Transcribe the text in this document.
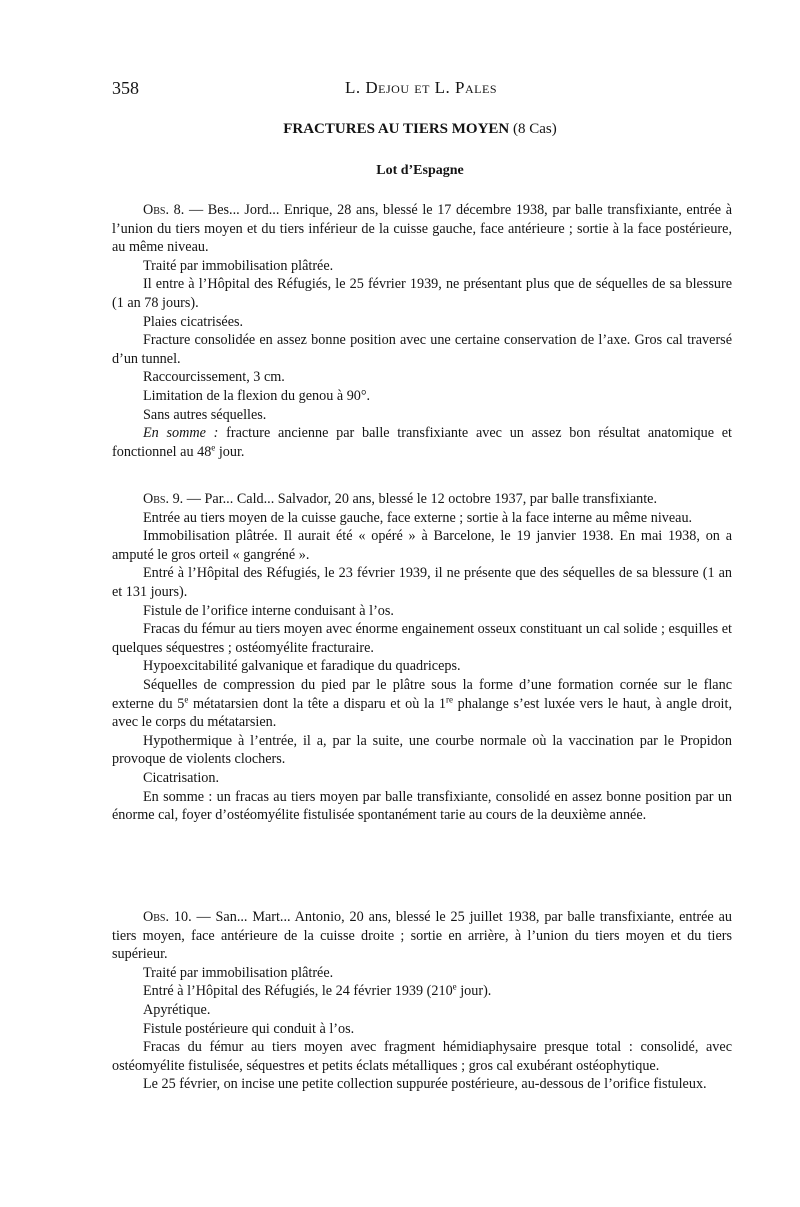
358	L. Dejou et L. Pales
FRACTURES AU TIERS MOYEN (8 Cas)
Lot d’Espagne

Obs. 8. — Bes... Jord... Enrique, 28 ans, blessé le 17 décembre 1938, par balle transfixiante, entrée à l’union du tiers moyen et du tiers inférieur de la cuisse gauche, face antérieure ; sortie à la face postérieure, au même niveau.

Traité par immobilisation plâtrée.

Il entre à l’Hôpital des Réfugiés, le 25 février 1939, ne présentant plus que de séquelles de sa blessure (1 an 78 jours).

Plaies cicatrisées.

Fracture consolidée en assez bonne position avec une certaine conservation de l’axe. Gros cal traversé d’un tunnel.

Raccourcissement, 3 cm.

Limitation de la flexion du genou à 90°.

Sans autres séquelles.

En somme : fracture ancienne par balle transfixiante avec un assez bon résultat anatomique et fonctionnel au 48e jour.

Obs. 9. — Par... Cald... Salvador, 20 ans, blessé le 12 octobre 1937, par balle transfixiante.

Entrée au tiers moyen de la cuisse gauche, face externe ; sortie à la face interne au même niveau.

Immobilisation plâtrée. Il aurait été « opéré » à Barcelone, le 19 janvier 1938. En mai 1938, on a amputé le gros orteil « gangréné ».

Entré à l’Hôpital des Réfugiés, le 23 février 1939, il ne présente que des séquelles de sa blessure (1 an et 131 jours).

Fistule de l’orifice interne conduisant à l’os.

Fracas du fémur au tiers moyen avec énorme engainement osseux constituant un cal solide ; esquilles et quelques séquestres ; ostéomyélite fracturaire.

Hypoexcitabilité galvanique et faradique du quadriceps.

Séquelles de compression du pied par le plâtre sous la forme d’une formation cornée sur le flanc externe du 5e métatarsien dont la tête a disparu et où la 1re phalange s’est luxée vers le haut, à angle droit, avec le corps du métatarsien.

Hypothermique à l’entrée, il a, par la suite, une courbe normale où la vaccination par le Propidon provoque de violents clochers.

Cicatrisation.

En somme : un fracas au tiers moyen par balle transfixiante, consolidé en assez bonne position par un énorme cal, foyer d’ostéomyélite fistulisée spontanément tarie au cours de la deuxième année.

Obs. 10. — San... Mart... Antonio, 20 ans, blessé le 25 juillet 1938, par balle transfixiante, entrée au tiers moyen, face antérieure de la cuisse droite ; sortie en arrière, à l’union du tiers moyen et du tiers supérieur.

Traité par immobilisation plâtrée.

Entré à l’Hôpital des Réfugiés, le 24 février 1939 (210e jour).

Apyrétique.

Fistule postérieure qui conduit à l’os.

Fracas du fémur au tiers moyen avec fragment hémidiaphysaire presque total : consolidé, avec ostéomyélite fistulisée, séquestres et petits éclats métalliques ; gros cal exubérant ostéophytique.

Le 25 février, on incise une petite collection suppurée postérieure, au-dessous de l’orifice fistuleux.
